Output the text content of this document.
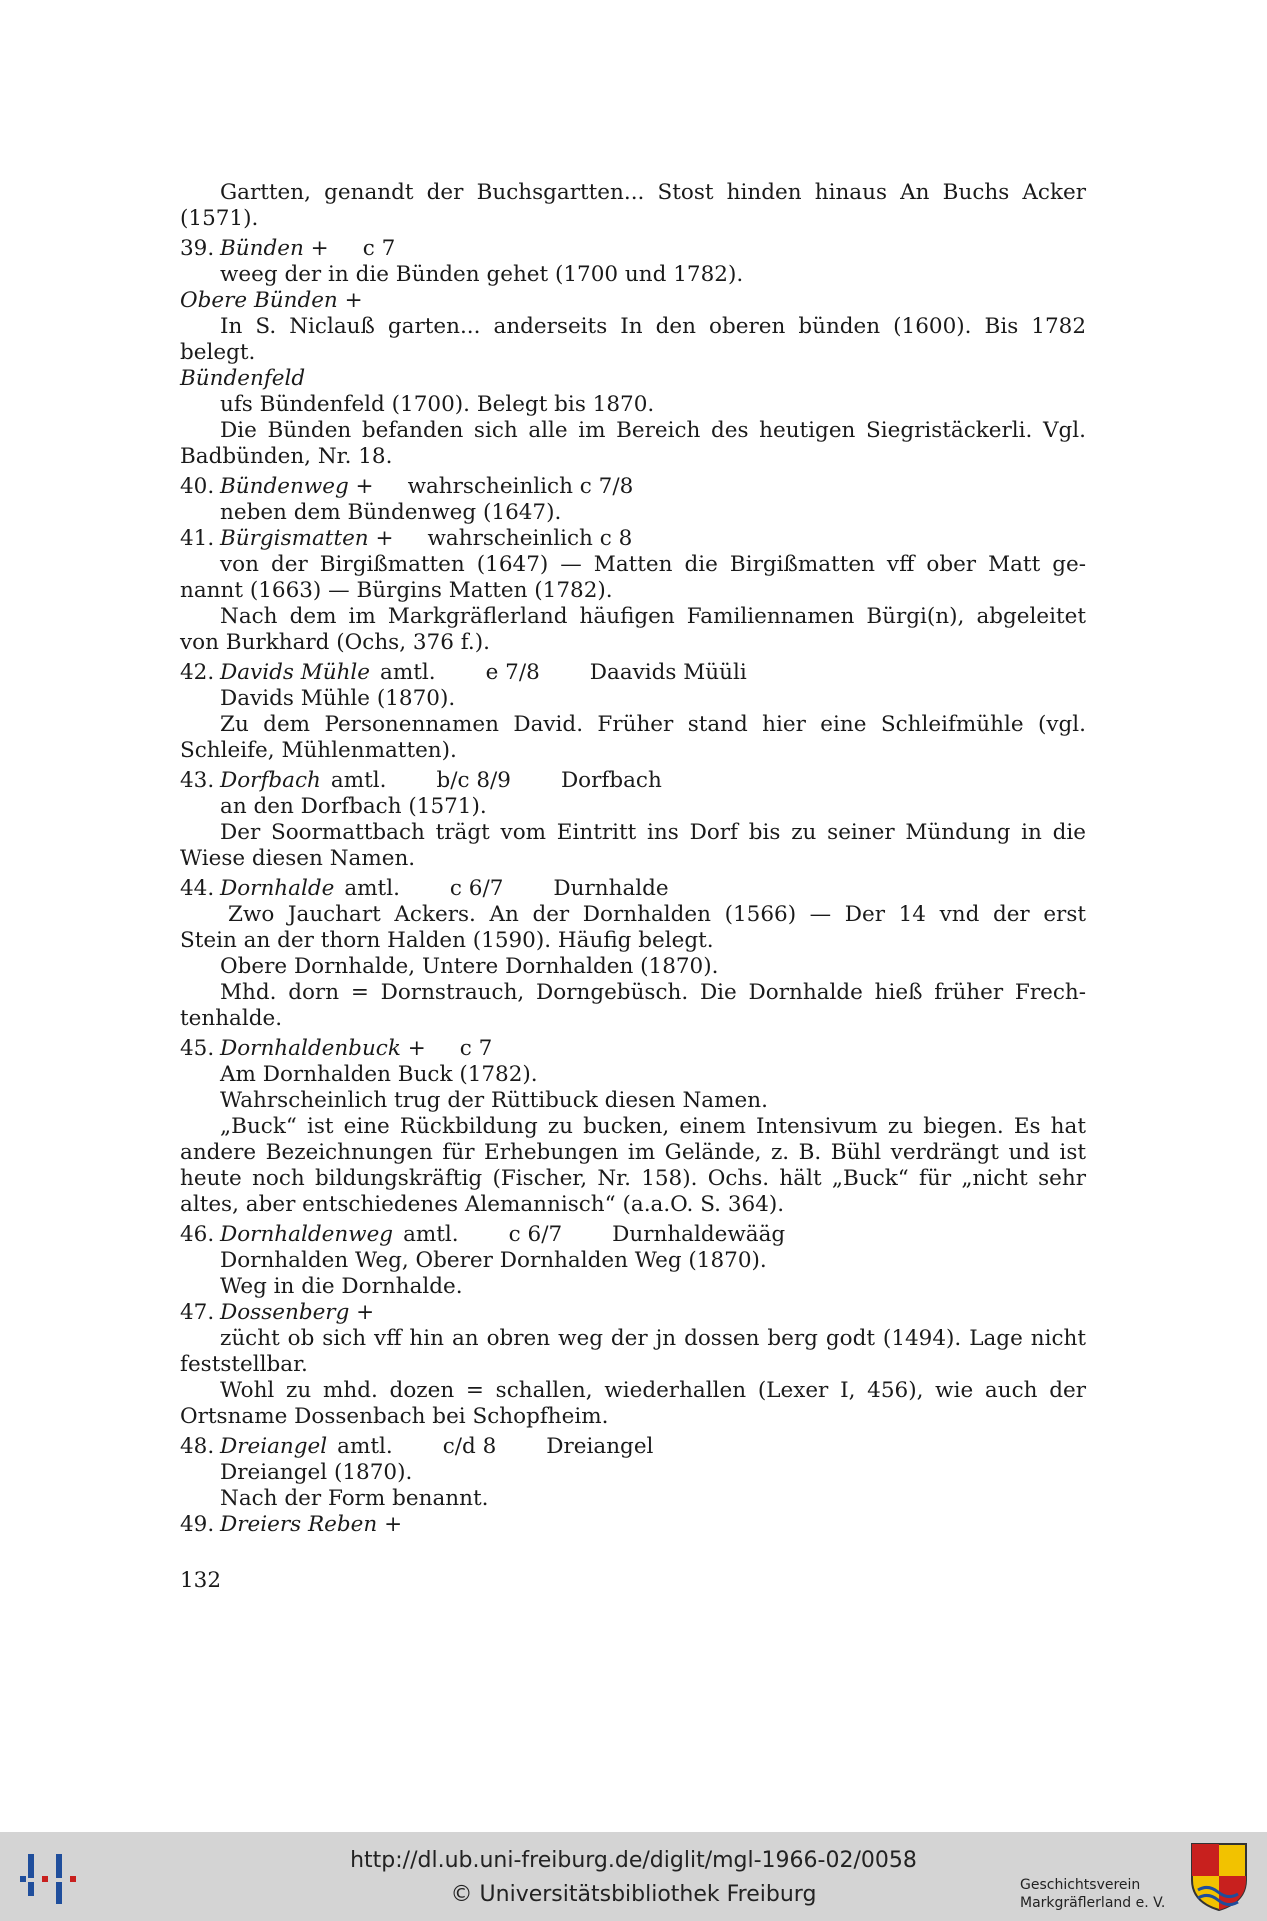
Gartten, genandt der Buchsgartten... Stost hinden hinaus An Buchs Acker
(1571).
39. Bünden + c 7
weeg der in die Bünden gehet (1700 und 1782).
Obere Bünden +
In S. Niclauß garten... anderseits In den oberen bünden (1600). Bis 1782
belegt.
Bündenfeld
ufs Bündenfeld (1700). Belegt bis 1870.
Die Bünden befanden sich alle im Bereich des heutigen Siegristäckerli. Vgl.
Badbünden, Nr. 18.
40. Bündenweg + wahrscheinlich c 7/8
neben dem Bündenweg (1647).
41. Bürgismatten + wahrscheinlich c 8
von der Birgißmatten (1647) — Matten die Birgißmatten vff ober Matt ge-
nannt (1663) — Bürgins Matten (1782).
Nach dem im Markgräflerland häufigen Familiennamen Bürgi(n), abgeleitet
von Burkhard (Ochs, 376 f.).
42. Davids Mühle amtl. e 7/8 Daavids Müüli
Davids Mühle (1870).
Zu dem Personennamen David. Früher stand hier eine Schleifmühle (vgl.
Schleife, Mühlenmatten).
43. Dorfbach amtl. b/c 8/9 Dorfbach
an den Dorfbach (1571).
Der Soormattbach trägt vom Eintritt ins Dorf bis zu seiner Mündung in die
Wiese diesen Namen.
44. Dornhalde amtl. c 6/7 Durnhalde
Zwo Jauchart Ackers. An der Dornhalden (1566) — Der 14 vnd der erst
Stein an der thorn Halden (1590). Häufig belegt.
Obere Dornhalde, Untere Dornhalden (1870).
Mhd. dorn = Dornstrauch, Dorngebüsch. Die Dornhalde hieß früher Frech-
tenhalde.
45. Dornhaldenbuck + c 7
Am Dornhalden Buck (1782).
Wahrscheinlich trug der Rüttibuck diesen Namen.
„Buck“ ist eine Rückbildung zu bucken, einem Intensivum zu biegen. Es hat
andere Bezeichnungen für Erhebungen im Gelände, z. B. Bühl verdrängt und ist
heute noch bildungskräftig (Fischer, Nr. 158). Ochs. hält „Buck“ für „nicht sehr
altes, aber entschiedenes Alemannisch“ (a.a.O. S. 364).
46. Dornhaldenweg amtl. c 6/7 Durnhaldewääg
Dornhalden Weg, Oberer Dornhalden Weg (1870).
Weg in die Dornhalde.
47. Dossenberg +
zücht ob sich vff hin an obren weg der jn dossen berg godt (1494). Lage nicht
feststellbar.
Wohl zu mhd. dozen = schallen, wiederhallen (Lexer I, 456), wie auch der
Ortsname Dossenbach bei Schopfheim.
48. Dreiangel amtl. c/d 8 Dreiangel
Dreiangel (1870).
Nach der Form benannt.
49. Dreiers Reben +
132
http://dl.ub.uni-freiburg.de/diglit/mgl-1966-02/0058
© Universitätsbibliothek Freiburg	Geschichtsverein
Markgräflerland e. V.
